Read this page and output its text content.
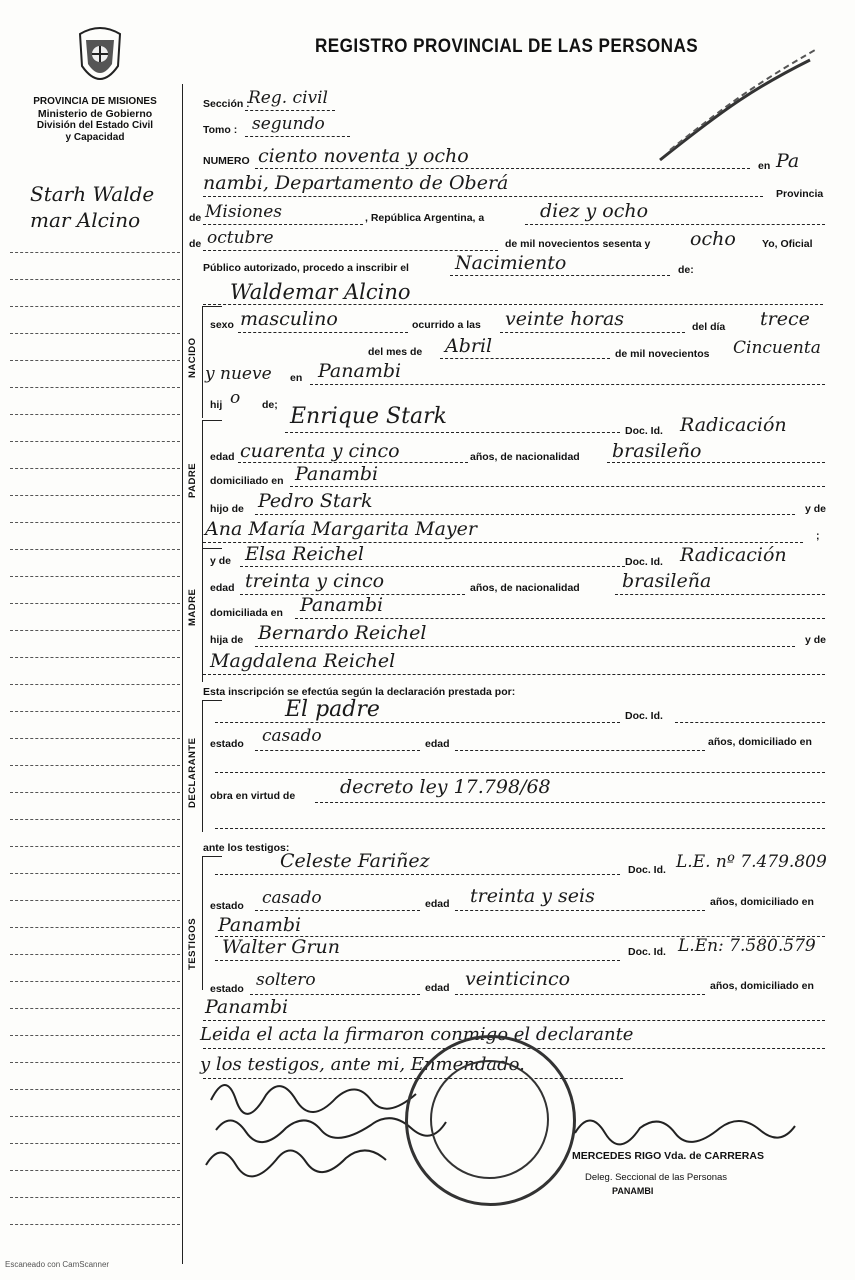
PROVINCIA DE MISIONES
Ministerio de Gobierno
División del Estado Civil
y Capacidad
REGISTRO PROVINCIAL DE LAS PERSONAS
Starh Walde
mar Alcino
NACIDO
PADRE
MADRE
DECLARANTE
TESTIGOS
Sección :
Reg. civil
Tomo : segundo
NUMERO ciento noventa y ocho	en Pa
nambi, Departamento de Oberá	Provincia
de Misiones	, República Argentina, a	diez y ocho
de octubre	de mil novecientos sesenta y ocho Yo, Oficial
Público autorizado, procedo a inscribir el Nacimiento	de:
Waldemar Alcino
sexo masculino	ocurrido a las veinte horas	del día trece
del mes de Abril	de mil novecientos Cincuenta
y nueve en Panambi
hij o de; Enrique Stark
Doc. Id. Radicación
edad cuarenta y cinco	años, de nacionalidad brasileño
domiciliado en Panambi
hijo de Pedro Stark	y de
Ana María Margarita Mayer	;
y de Elsa Reichel	Doc. Id. Radicación
edad treinta y cinco	años, de nacionalidad brasileña
domiciliada en Panambi
hija de Bernardo Reichel	y de
Magdalena Reichel
Esta inscripción se efectúa según la declaración prestada por:
El padre	Doc. Id.
estado casado	edad	años, domiciliado en
obra en virtud de decreto ley 17.798/68
ante los testigos:
Celeste Fariñez	Doc. Id. L.E. nº 7.479.809
estado casado	edad treinta y seis	años, domiciliado en
Panambi
Walter Grun	Doc. Id. L.En: 7.580.579
estado soltero	edad veinticinco	años, domiciliado en
Panambi
Leida el acta la firmaron conmigo el declarante
y los testigos, ante mi, Enmendado.
MERCEDES RIGO Vda. de CARRERAS
Deleg. Seccional de las Personas
PANAMBI
Escaneado con CamScanner
